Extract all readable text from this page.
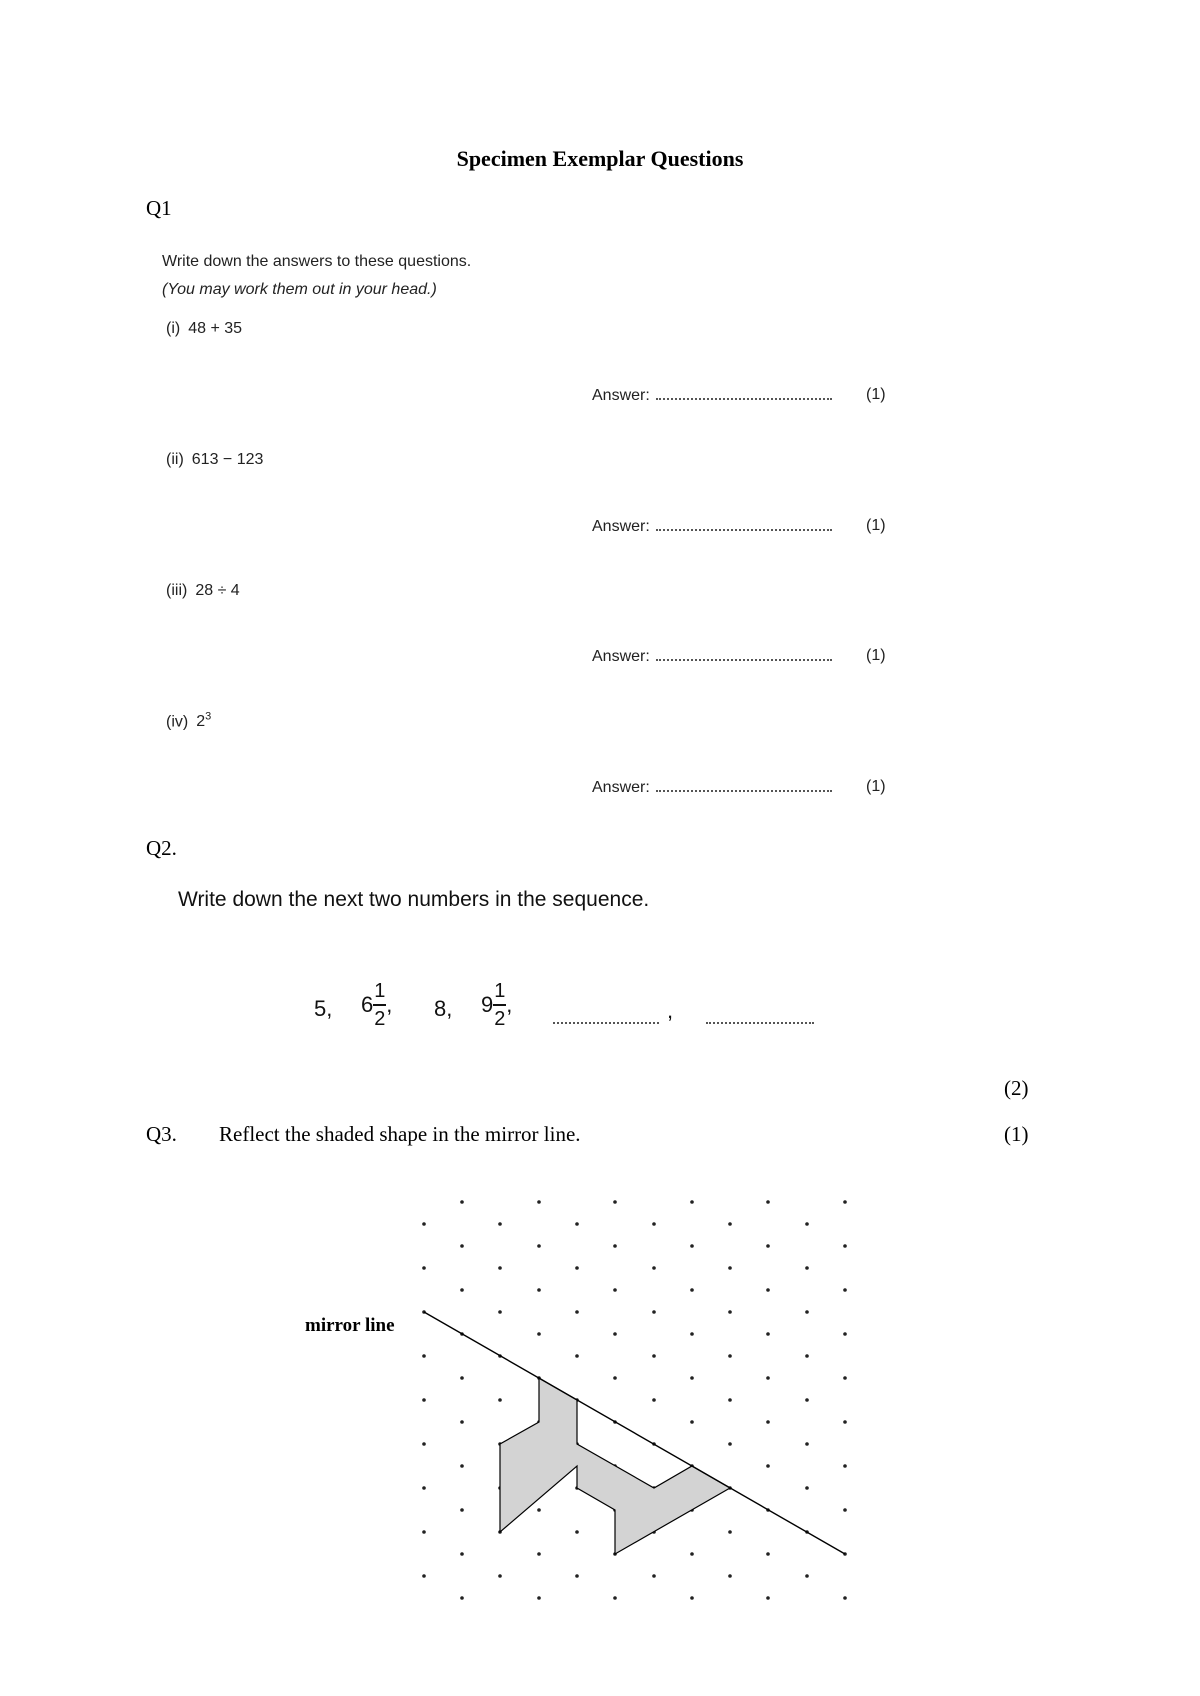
Specimen Exemplar Questions
Q1
Write down the answers to these questions.
(You may work them out in your head.)
(i) 48 + 35
Answer:	(1)
(ii) 613 − 123
Answer:	(1)
(iii) 28 ÷ 4
Answer:	(1)
(iv) $2^3$
Answer:	(1)
Q2.
Write down the next two numbers in the sequence.
5, $6 \frac{1}{2}$ , 8, $9 \frac{1}{2}$ ,	,
(2)
Q3. Reflect the shaded shape in the mirror line.	(1)
mirror line
